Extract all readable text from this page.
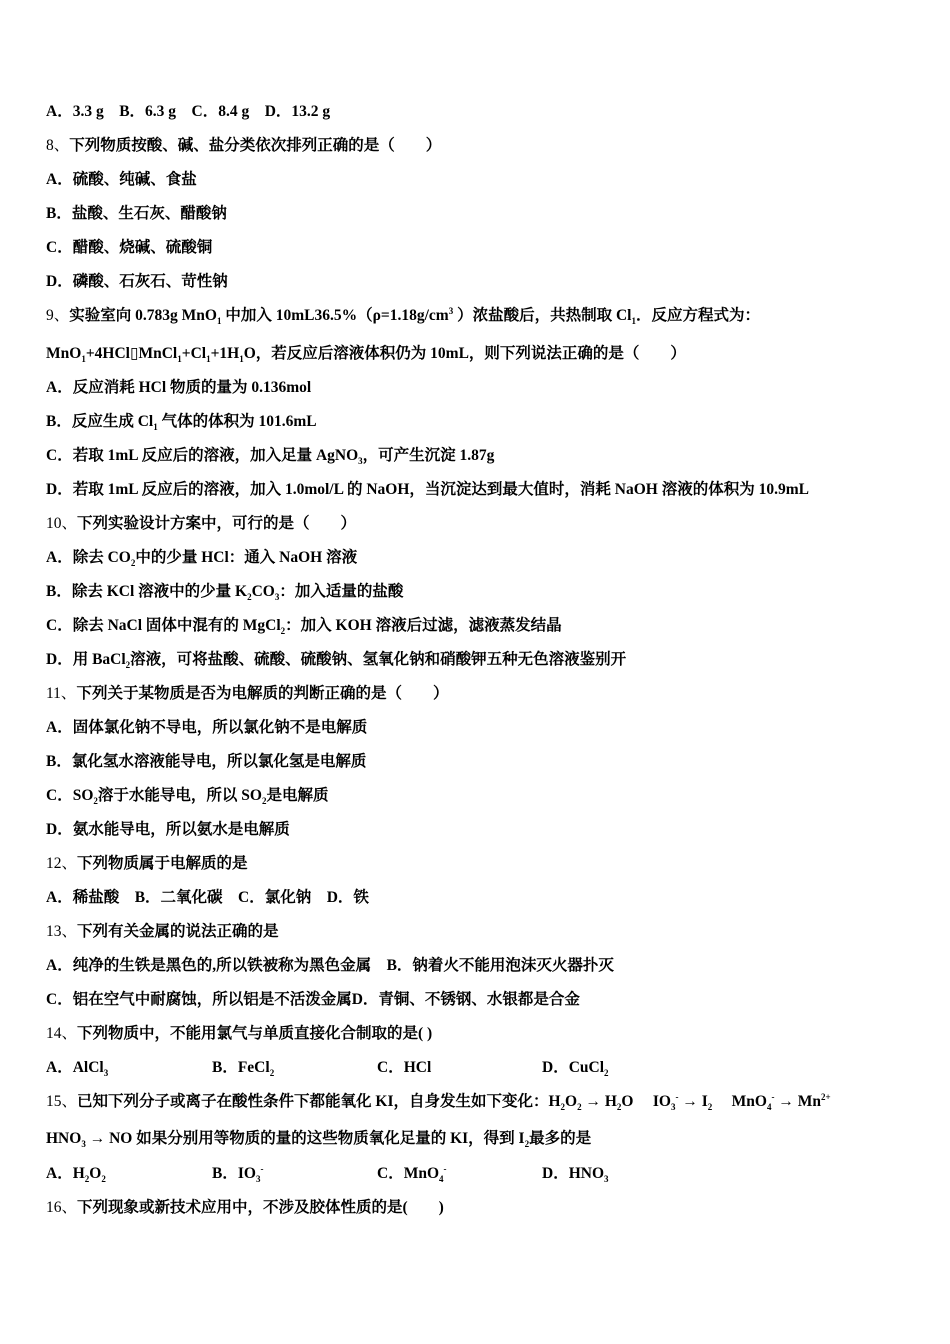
A．3.3 g　B．6.3 g　C．8.4 g　D．13.2 g
8、下列物质按酸、碱、盐分类依次排列正确的是（　　）
A．硫酸、纯碱、食盐
B．盐酸、生石灰、醋酸钠
C．醋酸、烧碱、硫酸铜
D．磷酸、石灰石、苛性钠
9、实验室向 0.783g MnO$_1$ 中加入 $10mL36.5\%(\rho=1.18g/cm^3$ ）浓盐酸后，共热制取 $Cl_1$．反应方程式为：
$MnO_1+4HCl▯MnCl_1+Cl_1+1H_1O$，若反应后溶液体积仍为 10mL，则下列说法正确的是（　　）
A．反应消耗 HCl 物质的量为 0.136mol
B．反应生成 $Cl_1$ 气体的体积为 101.6mL
C．若取 1mL 反应后的溶液，加入足量 AgNO$_3$，可产生沉淀 1.87g
D．若取 1mL 反应后的溶液，加入 1.0mol/L 的 NaOH，当沉淀达到最大值时，消耗 NaOH 溶液的体积为 10.9mL
10、下列实验设计方案中，可行的是（　　）
A．除去 $CO_2$中的少量 HCl：通入 NaOH 溶液
B．除去 KCl 溶液中的少量 $K_2CO_3$：加入适量的盐酸
C．除去 NaCl 固体中混有的 MgCl$_2$：加入 KOH 溶液后过滤，滤液蒸发结晶
D．用 BaCl$_2$溶液，可将盐酸、硫酸、硫酸钠、氢氧化钠和硝酸钾五种无色溶液鉴别开
11、下列关于某物质是否为电解质的判断正确的是（　　）
A．固体氯化钠不导电，所以氯化钠不是电解质
B．氯化氢水溶液能导电，所以氯化氢是电解质
C．$SO_2$溶于水能导电，所以 $SO_2$是电解质
D．氨水能导电，所以氨水是电解质
12、下列物质属于电解质的是
A．稀盐酸　B．二氧化碳　C．氯化钠　D．铁
13、下列有关金属的说法正确的是
A．纯净的生铁是黑色的,所以铁被称为黑色金属　B．钠着火不能用泡沫灭火器扑灭
C．铝在空气中耐腐蚀，所以铝是不活泼金属D．青铜、不锈钢、水银都是合金
14、下列物质中，不能用氯气与单质直接化合制取的是( )
A．AlCl$_3$	B．FeCl$_2$	C．HCl	D．CuCl$_2$
15、已知下列分子或离子在酸性条件下都能氧化 KI，自身发生如下变化：$H_2O_2 \to H_2O$　 $IO_3^- \to I_2$　 $MnO_4^- \to Mn^{2+}$
$HNO_3$ → NO 如果分别用等物质的量的这些物质氧化足量的 KI，得到 $I_2$最多的是
A．$H_2O_2$	B．$IO_3^-$	C．MnO$_4$-	D．$HNO_3$
16、下列现象或新技术应用中，不涉及胶体性质的是(　　)
